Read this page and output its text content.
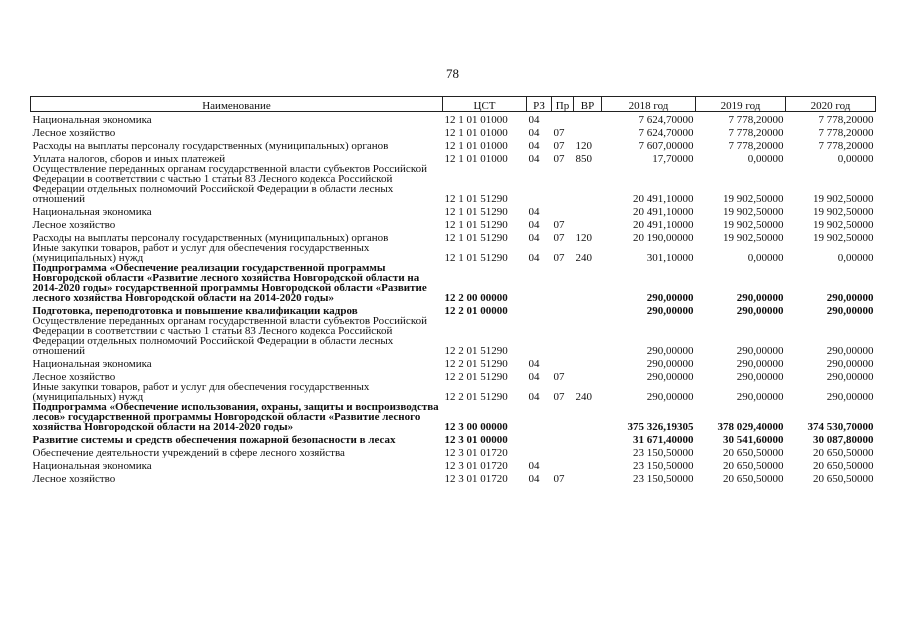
78
Наименование	ЦСТ	РЗ	Пр	ВР	2018 год	2019 год	2020 год
Национальная экономика	12 1 01 01000	04			7 624,70000	7 778,20000	7 778,20000
Лесное хозяйство	12 1 01 01000	04	07		7 624,70000	7 778,20000	7 778,20000
Расходы на выплаты персоналу государственных (муниципальных) органов	12 1 01 01000	04	07	120	7 607,00000	7 778,20000	7 778,20000
Уплата налогов, сборов и иных платежей	12 1 01 01000	04	07	850	17,70000	0,00000	0,00000
Осуществление переданных органам государственной власти субъектов Российской Федерации в соответствии с частью 1 статьи 83 Лесного кодекса Российской Федерации отдельных полномочий Российской Федерации в области лесных отношений	12 1 01 51290				20 491,10000	19 902,50000	19 902,50000
Национальная экономика	12 1 01 51290	04			20 491,10000	19 902,50000	19 902,50000
Лесное хозяйство	12 1 01 51290	04	07		20 491,10000	19 902,50000	19 902,50000
Расходы на выплаты персоналу государственных (муниципальных) органов	12 1 01 51290	04	07	120	20 190,00000	19 902,50000	19 902,50000
Иные закупки товаров, работ и услуг для обеспечения государственных (муниципальных) нужд	12 1 01 51290	04	07	240	301,10000	0,00000	0,00000
Подпрограмма «Обеспечение реализации государственной программы Новгородской области «Развитие лесного хозяйства Новгородской области на 2014-2020 годы» государственной программы Новгородской области «Развитие лесного хозяйства Новгородской области на 2014-2020 годы»	12 2 00 00000				290,00000	290,00000	290,00000
Подготовка, переподготовка и повышение квалификации кадров	12 2 01 00000				290,00000	290,00000	290,00000
Осуществление переданных органам государственной власти субъектов Российской Федерации в соответствии с частью 1 статьи 83 Лесного кодекса Российской Федерации отдельных полномочий Российской Федерации в области лесных отношений	12 2 01 51290				290,00000	290,00000	290,00000
Национальная экономика	12 2 01 51290	04			290,00000	290,00000	290,00000
Лесное хозяйство	12 2 01 51290	04	07		290,00000	290,00000	290,00000
Иные закупки товаров, работ и услуг для обеспечения государственных (муниципальных) нужд	12 2 01 51290	04	07	240	290,00000	290,00000	290,00000
Подпрограмма «Обеспечение использования, охраны, защиты и воспроизводства лесов» государственной программы Новгородской области «Развитие лесного хозяйства Новгородской области на 2014-2020 годы»	12 3 00 00000				375 326,19305	378 029,40000	374 530,70000
Развитие системы и средств обеспечения пожарной безопасности в лесах	12 3 01 00000				31 671,40000	30 541,60000	30 087,80000
Обеспечение деятельности учреждений в сфере лесного хозяйства	12 3 01 01720				23 150,50000	20 650,50000	20 650,50000
Национальная экономика	12 3 01 01720	04			23 150,50000	20 650,50000	20 650,50000
Лесное хозяйство	12 3 01 01720	04	07		23 150,50000	20 650,50000	20 650,50000
